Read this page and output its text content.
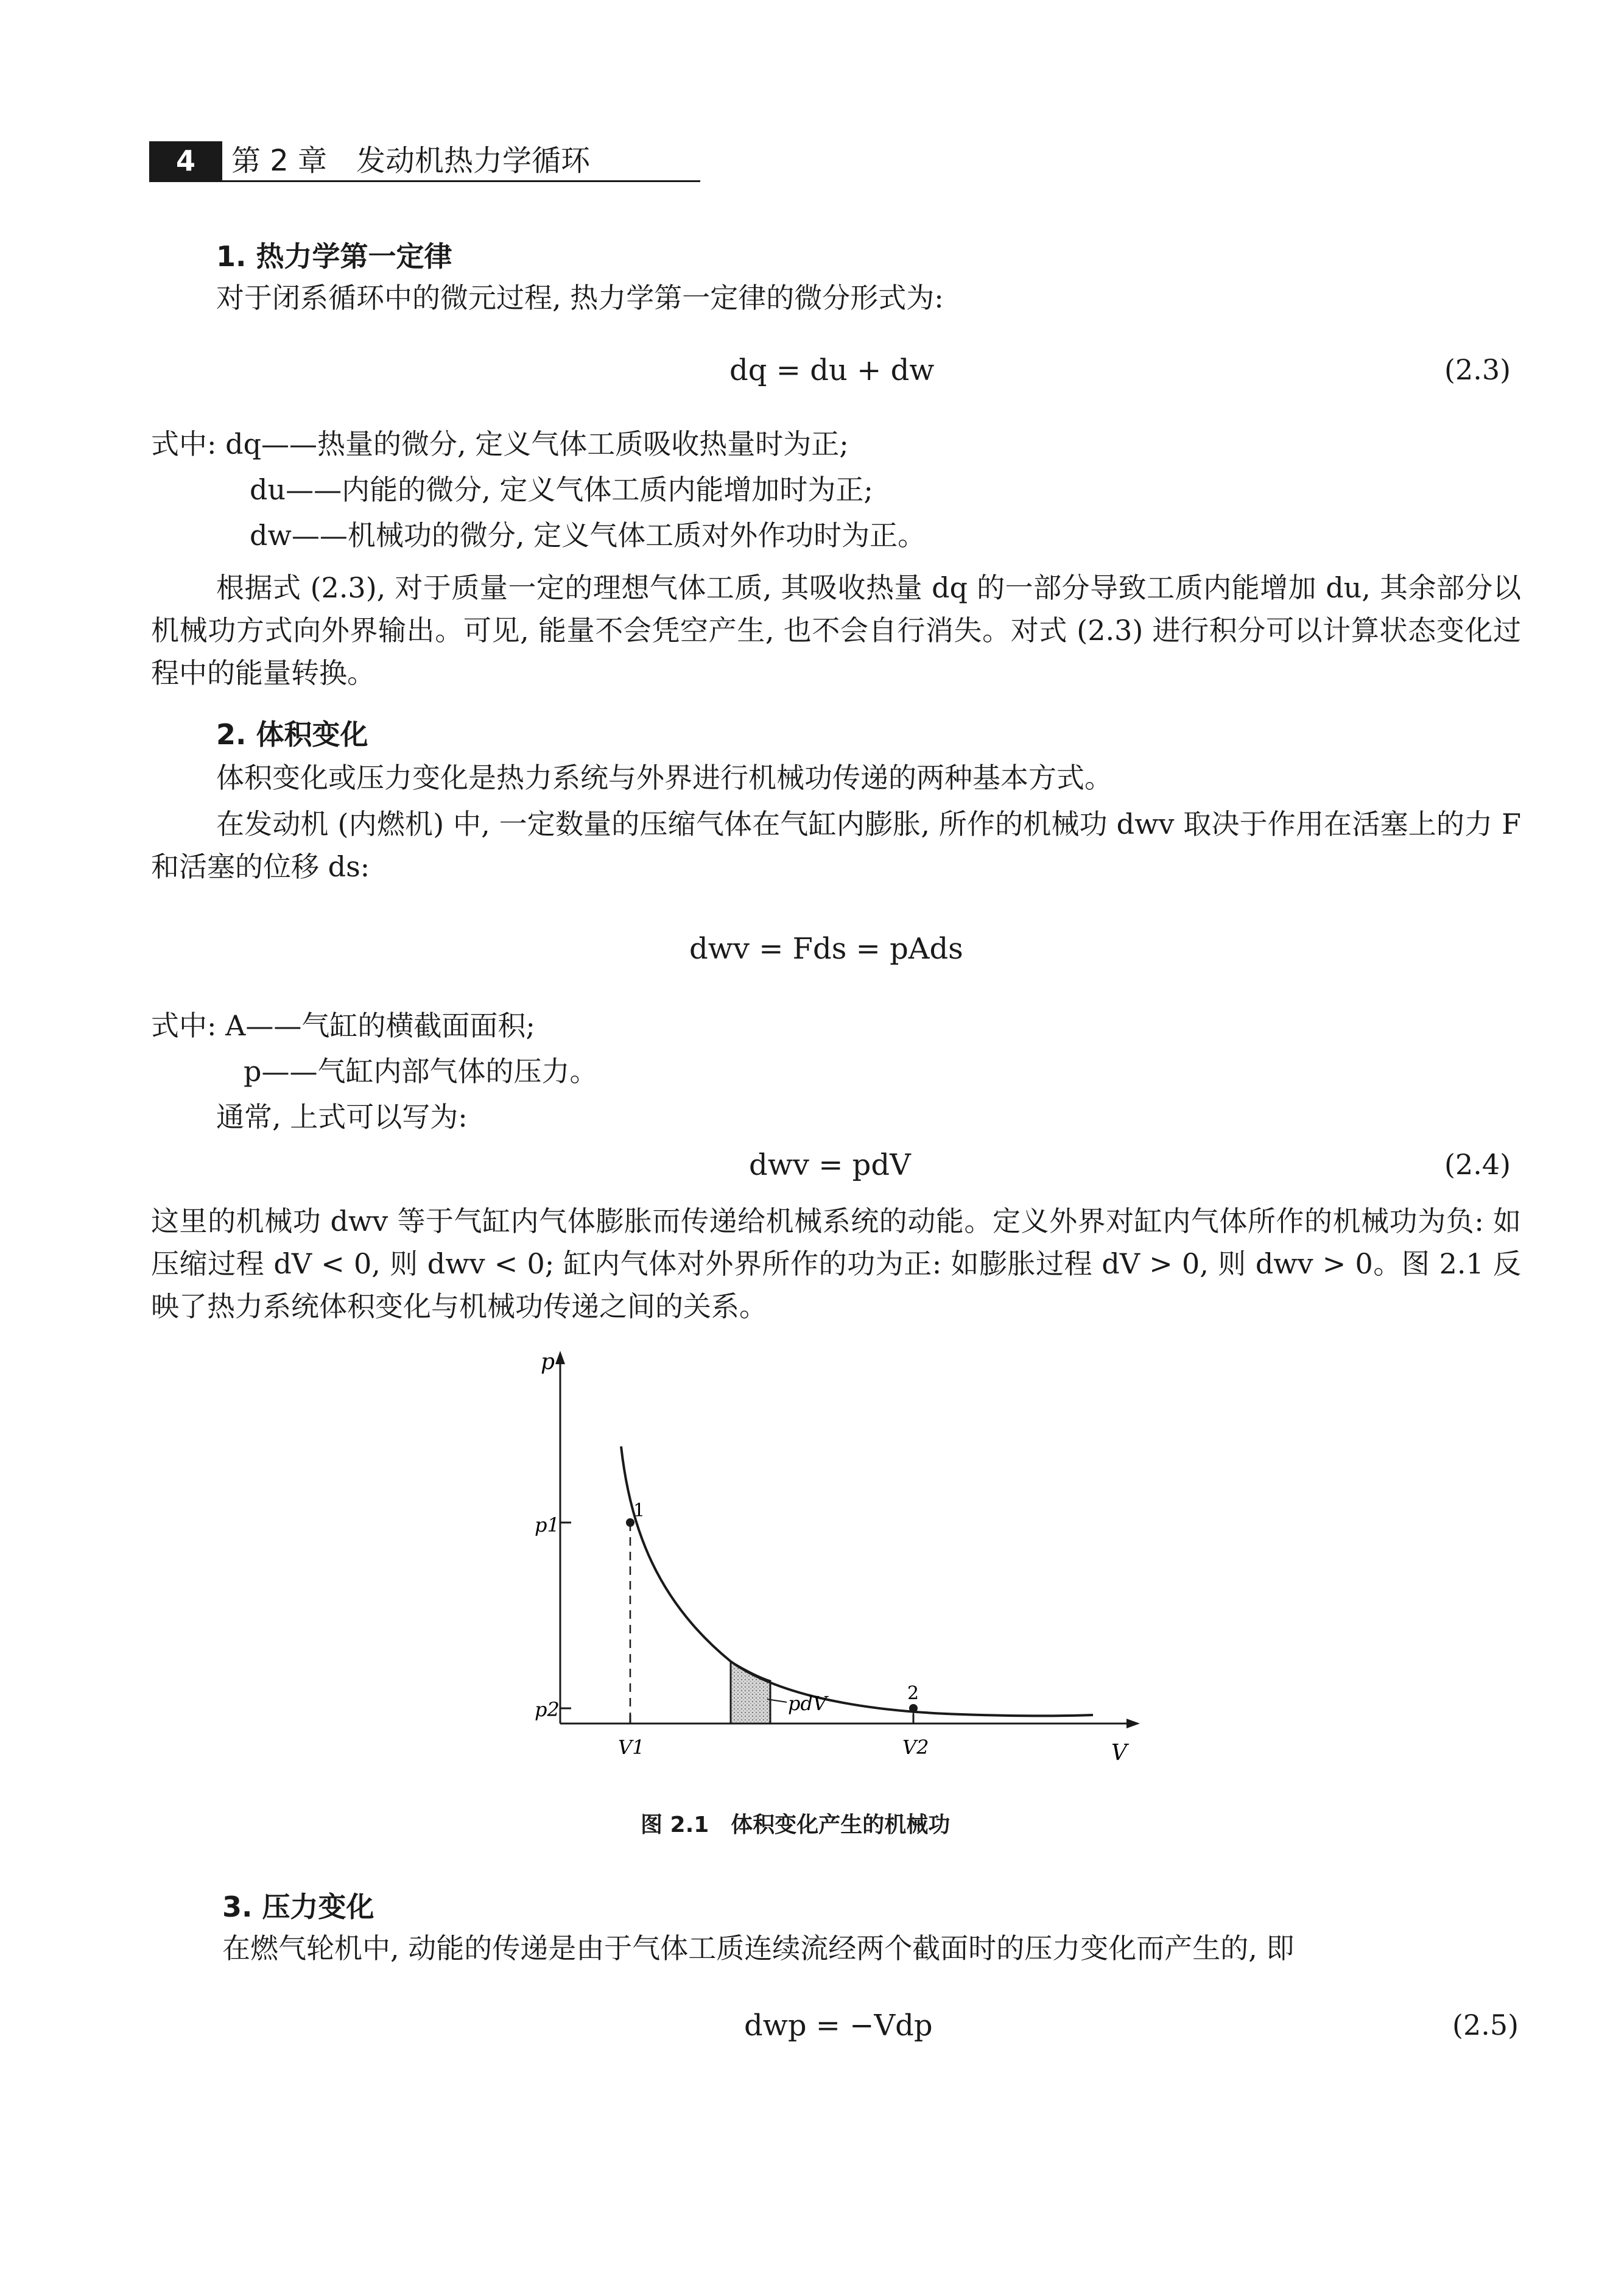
4	第 2 章　发动机热力学循环
1. 热力学第一定律
对于闭系循环中的微元过程, 热力学第一定律的微分形式为:
dq = du + dw	(2.3)
式中: dq——热量的微分, 定义气体工质吸收热量时为正;
du——内能的微分, 定义气体工质内能增加时为正;
dw——机械功的微分, 定义气体工质对外作功时为正。
根据式 (2.3), 对于质量一定的理想气体工质, 其吸收热量 dq 的一部分导致工质内能增加 du, 其余部分以机械功方式向外界输出。可见, 能量不会凭空产生, 也不会自行消失。对式 (2.3) 进行积分可以计算状态变化过程中的能量转换。
2. 体积变化
体积变化或压力变化是热力系统与外界进行机械功传递的两种基本方式。
在发动机 (内燃机) 中, 一定数量的压缩气体在气缸内膨胀, 所作的机械功 dwv 取决于作用在活塞上的力 F 和活塞的位移 ds:
dwv = Fds = pAds
式中: A——气缸的横截面面积;
p——气缸内部气体的压力。
通常, 上式可以写为:
dwv = pdV	(2.4)
这里的机械功 dwv 等于气缸内气体膨胀而传递给机械系统的动能。定义外界对缸内气体所作的机械功为负: 如压缩过程 dV < 0, 则 dwv < 0; 缸内气体对外界所作的功为正: 如膨胀过程 dV > 0, 则 dwv > 0。图 2.1 反映了热力系统体积变化与机械功传递之间的关系。
p
V
p1
p2
V1	V2
1
2
pdV
图 2.1　体积变化产生的机械功
3. 压力变化
在燃气轮机中, 动能的传递是由于气体工质连续流经两个截面时的压力变化而产生的, 即
dwp = −Vdp	(2.5)
